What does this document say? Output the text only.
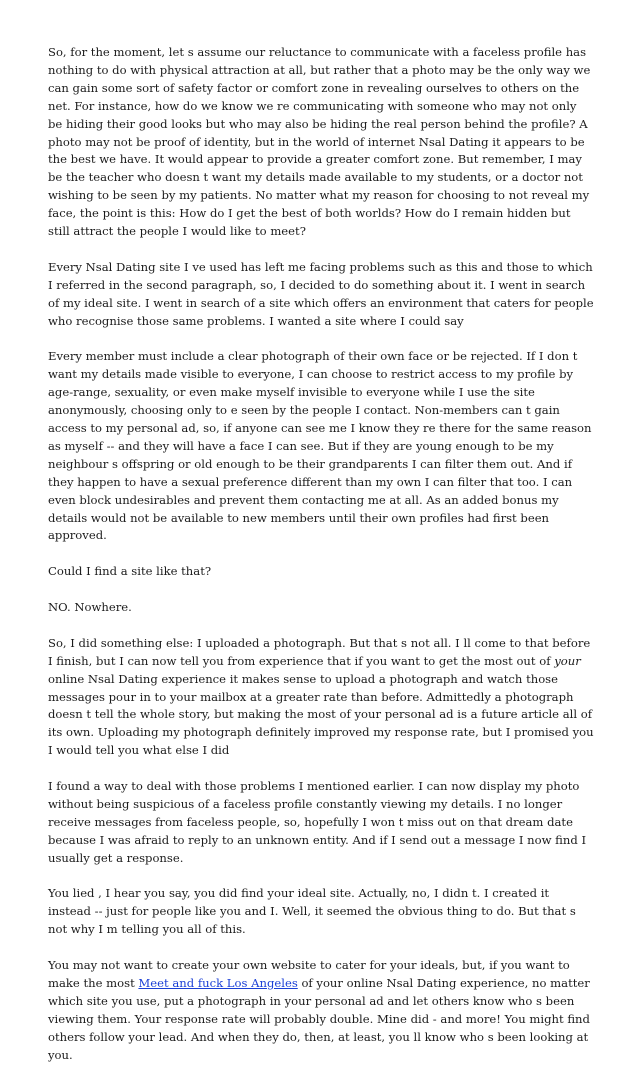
So, for the moment, let s assume our reluctance to communicate with a faceless profile has nothing to do with physical attraction at all, but rather that a photo may be the only way we can gain some sort of safety factor or comfort zone in revealing ourselves to others on the net. For instance, how do we know we re communicating with someone who may not only be hiding their good looks but who may also be hiding the real person behind the profile? A photo may not be proof of identity, but in the world of internet Nsal Dating it appears to be the best we have. It would appear to provide a greater comfort zone. But remember, I may be the teacher who doesn t want my details made available to my students, or a doctor not wishing to be seen by my patients. No matter what my reason for choosing to not reveal my face, the point is this: How do I get the best of both worlds? How do I remain hidden but still attract the people I would like to meet?

Every Nsal Dating site I ve used has left me facing problems such as this and those to which I referred in the second paragraph, so, I decided to do something about it. I went in search of my ideal site. I went in search of a site which offers an environment that caters for people who recognise those same problems. I wanted a site where I could say

Every member must include a clear photograph of their own face or be rejected. If I don t want my details made visible to everyone, I can choose to restrict access to my profile by age-range, sexuality, or even make myself invisible to everyone while I use the site anonymously, choosing only to e seen by the people I contact. Non-members can t gain access to my personal ad, so, if anyone can see me I know they re there for the same reason as myself -- and they will have a face I can see. But if they are young enough to be my neighbour s offspring or old enough to be their grandparents I can filter them out. And if they happen to have a sexual preference different than my own I can filter that too. I can even block undesirables and prevent them contacting me at all. As an added bonus my details would not be available to new members until their own profiles had first been approved.

Could I find a site like that?

NO. Nowhere.

So, I did something else: I uploaded a photograph. But that s not all. I ll come to that before I finish, but I can now tell you from experience that if you want to get the most out of your online Nsal Dating experience it makes sense to upload a photograph and watch those messages pour in to your mailbox at a greater rate than before. Admittedly a photograph doesn t tell the whole story, but making the most of your personal ad is a future article all of its own. Uploading my photograph definitely improved my response rate, but I promised you I would tell you what else I did

I found a way to deal with those problems I mentioned earlier. I can now display my photo without being suspicious of a faceless profile constantly viewing my details. I no longer receive messages from faceless people, so, hopefully I won t miss out on that dream date because I was afraid to reply to an unknown entity. And if I send out a message I now find I usually get a response.

You lied , I hear you say, you did find your ideal site. Actually, no, I didn t. I created it instead -- just for people like you and I. Well, it seemed the obvious thing to do. But that s not why I m telling you all of this.

You may not want to create your own website to cater for your ideals, but, if you want to make the most Meet and fuck Los Angeles of your online Nsal Dating experience, no matter which site you use, put a photograph in your personal ad and let others know who s been viewing them. Your response rate will probably double. Mine did - and more! You might find others follow your lead. And when they do, then, at least, you ll know who s been looking at you.
